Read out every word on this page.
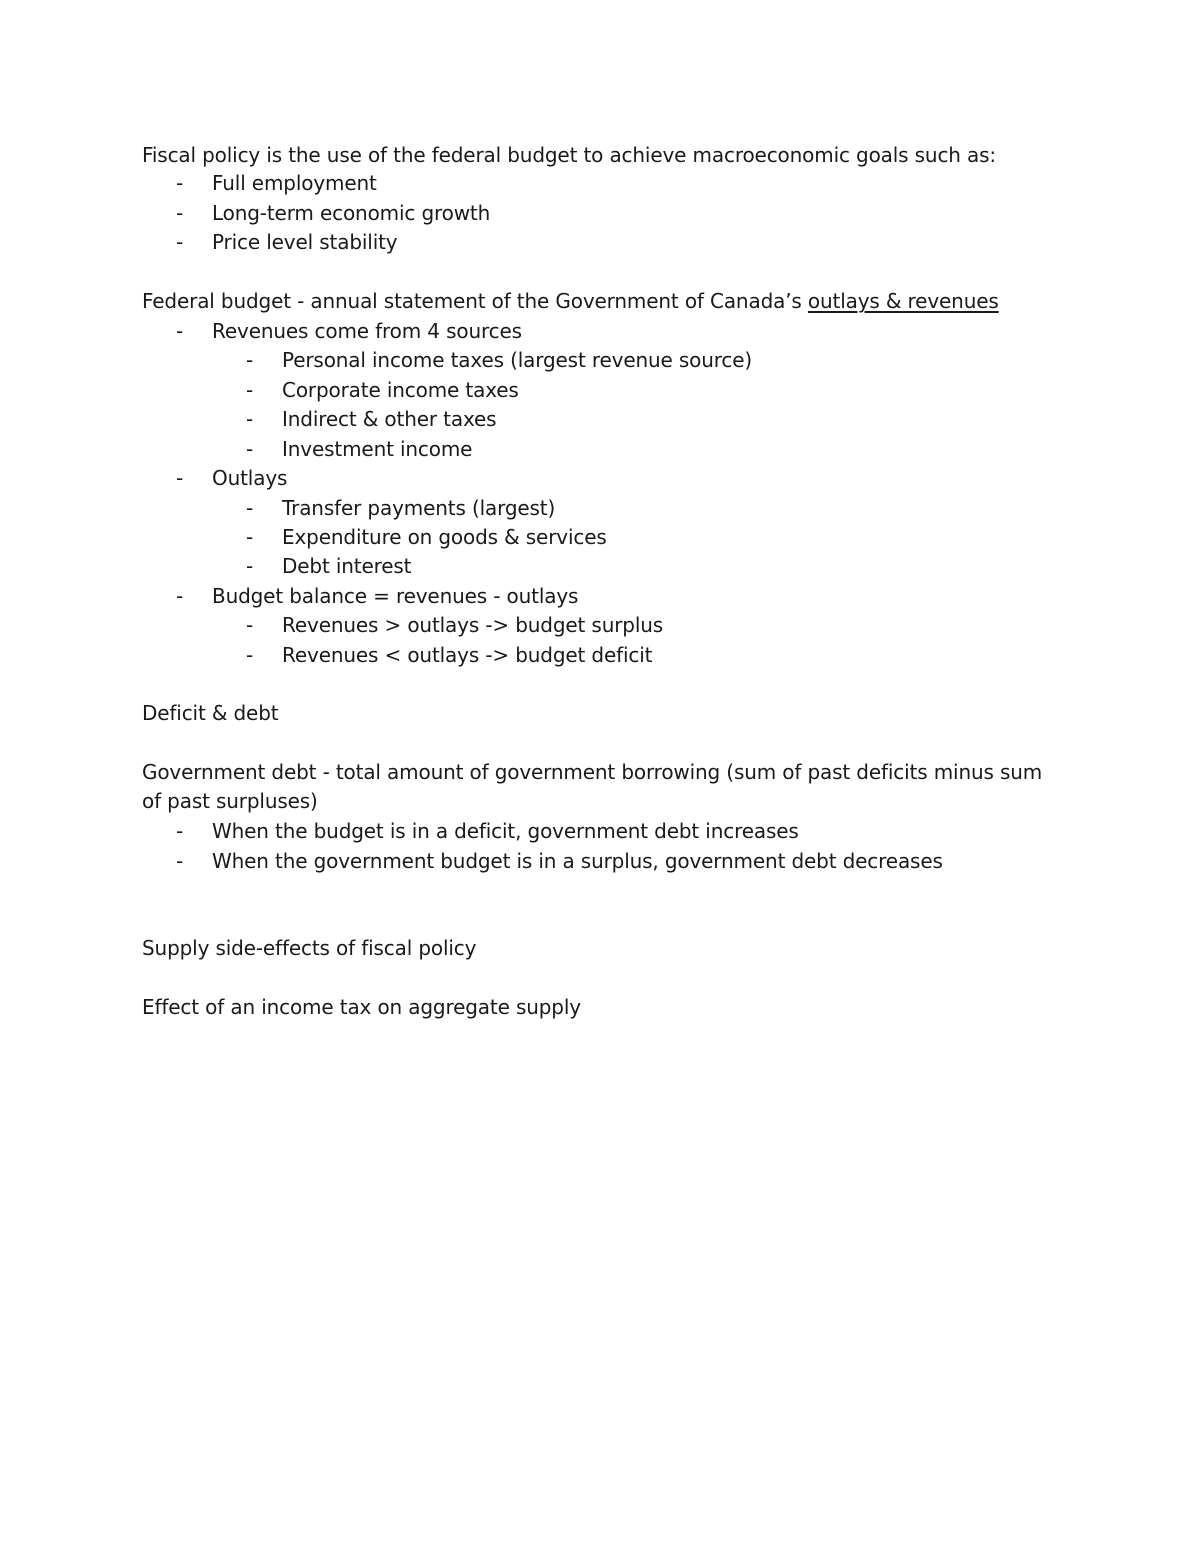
Fiscal policy is the use of the federal budget to achieve macroeconomic goals such as:
- Full employment
- Long-term economic growth
- Price level stability
Federal budget - annual statement of the Government of Canada’s outlays & revenues
- Revenues come from 4 sources
- Personal income taxes (largest revenue source)
- Corporate income taxes
- Indirect & other taxes
- Investment income
- Outlays
- Transfer payments (largest)
- Expenditure on goods & services
- Debt interest
- Budget balance = revenues - outlays
- Revenues > outlays -> budget surplus
- Revenues < outlays -> budget deficit
Deficit & debt
Government debt - total amount of government borrowing (sum of past deficits minus sum
of past surpluses)
- When the budget is in a deficit, government debt increases
- When the government budget is in a surplus, government debt decreases
Supply side-effects of fiscal policy
Effect of an income tax on aggregate supply
